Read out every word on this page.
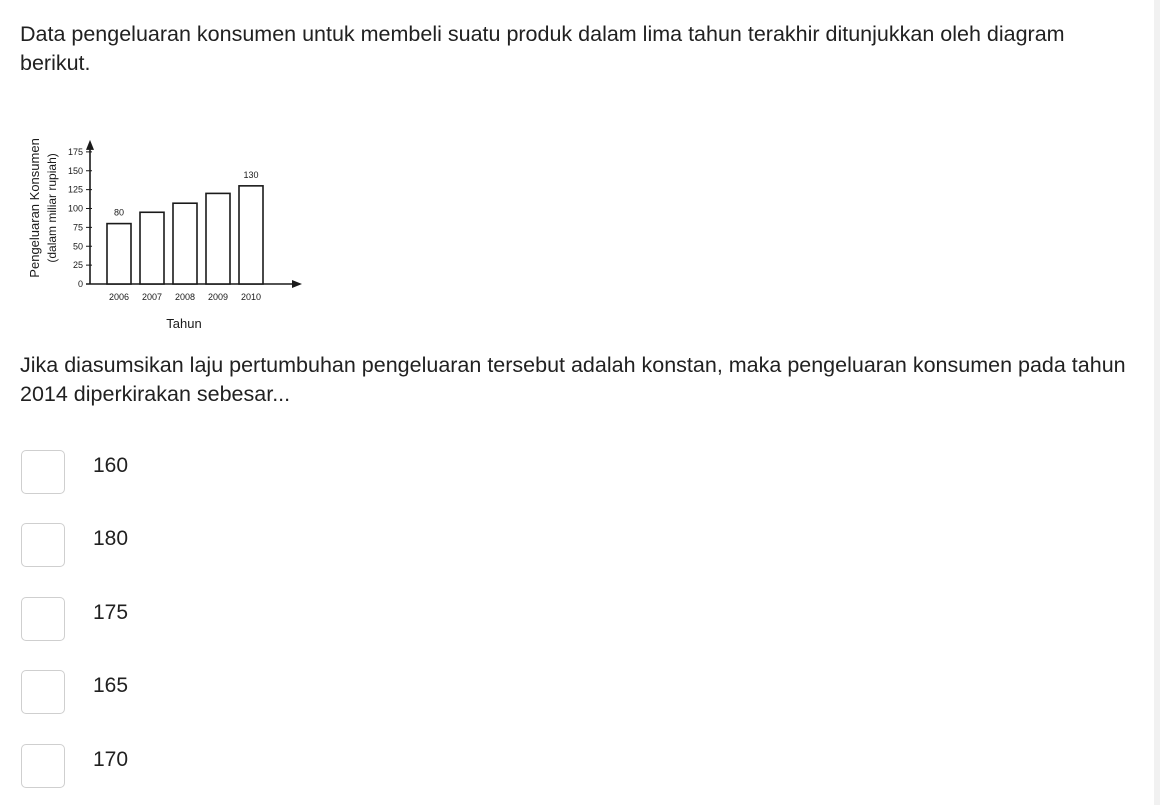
Data pengeluaran konsumen untuk membeli suatu produk dalam lima tahun terakhir ditunjukkan oleh diagram berikut.

0
25
50
75
100
125
150
175
2006 2007 2008 2009 2010
80
130
Tahun
Pengeluaran Konsumen (dalam miliar rupiah)

Jika diasumsikan laju pertumbuhan pengeluaran tersebut adalah konstan, maka pengeluaran konsumen pada tahun 2014 diperkirakan sebesar...

160
180
175
165
170
